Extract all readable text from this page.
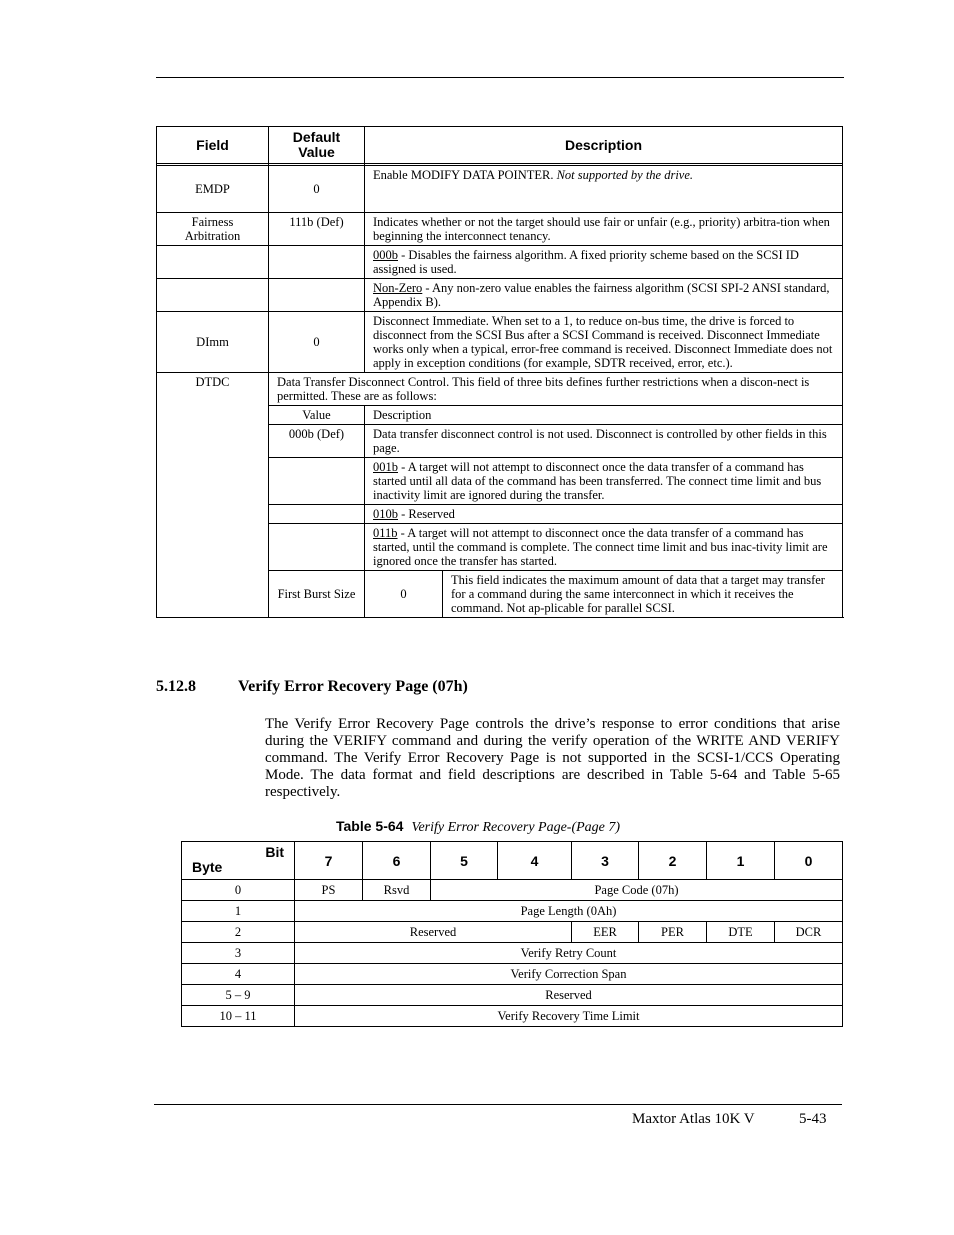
Field	Default Value	Description	

EMDP	0	Enable MODIFY DATA POINTER. Not supported by the drive.	
Fairness Arbitration	111b (Def)	Indicates whether or not the target should use fair or unfair (e.g., priority) arbitra-tion when beginning the interconnect tenancy.	
		000b - Disables the fairness algorithm. A fixed priority scheme based on the SCSI ID assigned is used.	
		Non-Zero - Any non-zero value enables the fairness algorithm (SCSI SPI-2 ANSI standard, Appendix B).	
DImm	0	Disconnect Immediate. When set to a 1, to reduce on-bus time, the drive is forced to disconnect from the SCSI Bus after a SCSI Command is received. Disconnect Immediate works only when a typical, error-free command is received. Disconnect Immediate does not apply in exception conditions (for example, SDTR received, error, etc.).	
DTDC	Data Transfer Disconnect Control. This field of three bits defines further restrictions when a discon-nect is permitted. These are as follows:		
	Value	Description	
	000b (Def)	Data transfer disconnect control is not used. Disconnect is controlled by other fields in this page.	
		001b - A target will not attempt to disconnect once the data transfer of a command has started until all data of the command has been transferred. The connect time limit and bus inactivity limit are ignored during the transfer.	
		010b - Reserved	
		011b - A target will not attempt to disconnect once the data transfer of a command has started, until the command is complete. The connect time limit and bus inac-tivity limit are ignored once the transfer has started.	
	First Burst Size	0	This field indicates the maximum amount of data that a target may transfer for a command during the same interconnect in which it receives the command. Not ap-plicable for parallel SCSI.
5.12.8	Verify Error Recovery Page (07h)

The Verify Error Recovery Page controls the drive’s response to error conditions that arise during the VERIFY command and during the verify operation of the WRITE AND VERIFY command. The Verify Error Recovery Page is not supported in the SCSI-1/CCS Operating Mode. The data format and field descriptions are described in Table 5-64 and Table 5-65 respectively.

Table 5-64 Verify Error Recovery Page-(Page 7)
Bit
Byte	7	6	5	4	3	2	1	0
0	PS	Rsvd	Page Code (07h)					
1	Page Length (0Ah)							
2	Reserved				EER	PER	DTE	DCR
3	Verify Retry Count							
4	Verify Correction Span							
5 – 9	Reserved							
10 – 11	Verify Recovery Time Limit							
Maxtor Atlas 10K V	5-43
